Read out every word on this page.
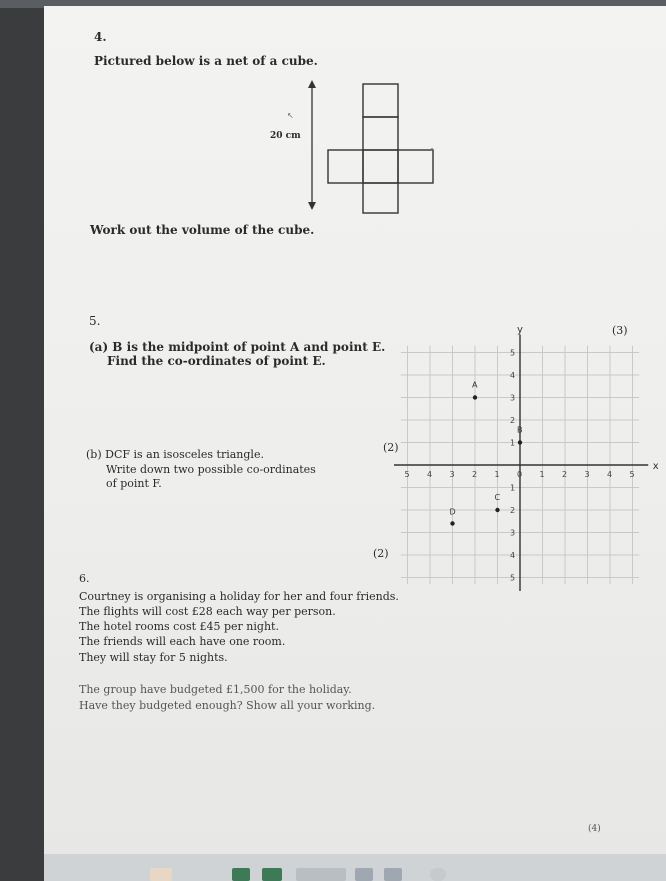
4.
Pictured below is a net of a cube.
↖
°
20 cm
Work out the volume of the cube.
5.
(3)
(a) B is the midpoint of point A and point E.
Find the co-ordinates of point E.
(2)
(b) DCF is an isosceles triangle.
Write down two possible co-ordinates
of point F.
(2)
x
y
5 4 3 2 1 0 1 2 3 4 5
5
4
3
2
1
1
2
3
4
5
A
B
C
D
6.
Courtney is organising a holiday for her and four friends.
The flights will cost £28 each way per person.
The hotel rooms cost £45 per night.
The friends will each have one room.
They will stay for 5 nights.
The group have budgeted £1,500 for the holiday.
Have they budgeted enough? Show all your working.
(4)
